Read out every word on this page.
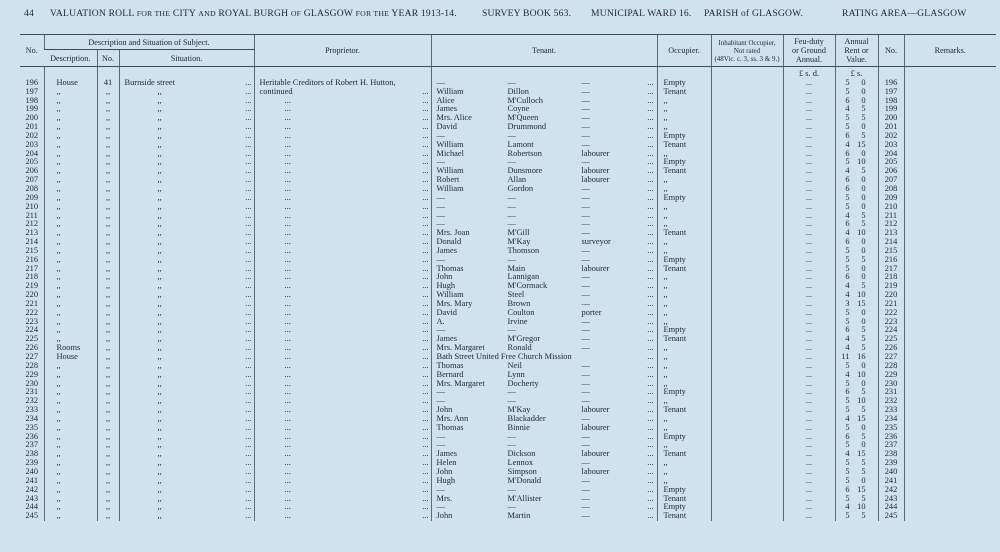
44 VALUATION ROLL FOR THE CITY AND ROYAL BURGH OF GLASGOW FOR THE YEAR 1913-14.	SURVEY BOOK 563. MUNICIPAL WARD 16. PARISH of GLASGOW.	RATING AREA—GLASGOW
No.	Description and Situation of Subject.			Proprietor.	Tenant.	Occupier.	Inhabitant Occupier,
Not rated
(48Vic. c. 3, ss. 3 & 9.)	Feu-duty
or Ground
Annual.	Annual
Rent or
Value.	No.	Remarks.
	Description.	No.	Situation.								
								£ s. d.	£ s.		
196	House	41	Burnside street ...	Heritable Creditors of Robert H. Hutton,	— — — ...	Empty		...	5 0	196	
197	,,	,,	,, ...	continued ...	William Dillon — ...	Tenant		...	5 0	197	
198	,,	,,	,, ...	... ...	Alice M'Culloch — ...	,,		...	6 0	198	
199	,,	,,	,, ...	... ...	James Coyne — ...	,,		...	4 5	199	
200	,,	,,	,, ...	... ...	Mrs. Alice M'Queen — ...	,,		...	5 5	200	
201	,,	,,	,, ...	... ...	David Drummond — ...	,,		...	5 0	201	
202	,,	,,	,, ...	... ...	— — — ...	Empty		...	6 5	202	
203	,,	,,	,, ...	... ...	William Lamont — ...	Tenant		...	4 15	203	
204	,,	,,	,, ...	... ...	Michael Robertson labourer ...	,,		...	6 0	204	
205	,,	,,	,, ...	... ...	— — — ...	Empty		...	5 10	205	
206	,,	,,	,, ...	... ...	William Dunsmore labourer ...	Tenant		...	4 5	206	
207	,,	,,	,, ...	... ...	Robert Allan labourer ...	,,		...	6 0	207	
208	,,	,,	,, ...	... ...	William Gordon — ...	,,		...	6 0	208	
209	,,	,,	,, ...	... ...	— — — ...	Empty		...	5 0	209	
210	,,	,,	,, ...	... ...	— — — ...	,,		...	5 0	210	
211	,,	,,	,, ...	... ...	— — — ...	,,		...	4 5	211	
212	,,	,,	,, ...	... ...	— — — ...	,,		...	6 5	212	
213	,,	,,	,, ...	... ...	Mrs. Joan M'Gill — ...	Tenant		...	4 10	213	
214	,,	,,	,, ...	... ...	Donald M'Kay surveyor ...	,,		...	6 0	214	
215	,,	,,	,, ...	... ...	James Thomson — ...	,,		...	5 0	215	
216	,,	,,	,, ...	... ...	— — — ...	Empty		...	5 5	216	
217	,,	,,	,, ...	... ...	Thomas Main labourer ...	Tenant		...	5 0	217	
218	,,	,,	,, ...	... ...	John Lannigan — ...	,,		...	6 0	218	
219	,,	,,	,, ...	... ...	Hugh M'Cormack — ...	,,		...	4 5	219	
220	,,	,,	,, ...	... ...	William Steel — ...	,,		...	4 10	220	
221	,,	,,	,, ...	... ...	Mrs. Mary Brown — ...	,,		...	3 15	221	
222	,,	,,	,, ...	... ...	David Coulton porter ...	,,		...	5 0	222	
223	,,	,,	,, ...	... ...	A. Irvine — ...	,,		...	5 0	223	
224	,,	,,	,, ...	... ...	— — — ...	Empty		...	6 5	224	
225	,,	,,	,, ...	... ...	James M'Gregor — ...	Tenant		...	4 5	225	
226	Rooms	,,	,, ...	... ...	Mrs. Margaret Ronald — ...	,,		...	4 5	226	
227	House	,,	,, ...	... ...	Bath Street United Free Church Mission ...	,,		...	11 16	227	
228	,,	,,	,, ...	... ...	Thomas Neil — ...	,,		...	5 0	228	
229	,,	,,	,, ...	... ...	Bernard Lynn — ...	,,		...	4 10	229	
230	,,	,,	,, ...	... ...	Mrs. Margaret Docherty — ...	,,		...	5 0	230	
231	,,	,,	,, ...	... ...	— — — ...	Empty		...	6 5	231	
232	,,	,,	,, ...	... ...	— — — ...	,,		...	5 10	232	
233	,,	,,	,, ...	... ...	John M'Kay labourer ...	Tenant		...	5 5	233	
234	,,	,,	,, ...	... ...	Mrs. Ann Blackadder — ...	,,		...	4 15	234	
235	,,	,,	,, ...	... ...	Thomas Binnie labourer ...	,,		...	5 0	235	
236	,,	,,	,, ...	... ...	— — — ...	Empty		...	6 5	236	
237	,,	,,	,, ...	... ...	— — — ...	,,		...	5 0	237	
238	,,	,,	,, ...	... ...	James Dickson labourer ...	Tenant		...	4 15	238	
239	,,	,,	,, ...	... ...	Helen Lennox — ...	,,		...	5 5	239	
240	,,	,,	,, ...	... ...	John Simpson labourer ...	,,		...	5 5	240	
241	,,	,,	,, ...	... ...	Hugh M'Donald — ...	,,		...	5 0	241	
242	,,	,,	,, ...	... ...	— — — ...	Empty		...	6 15	242	
243	,,	,,	,, ...	... ...	Mrs. M'Allister — ...	Tenant		...	5 5	243	
244	,,	,,	,, ...	... ...	— — — ...	Empty		...	4 10	244	
245	,,	,,	,, ...	... ...	John Martin — ...	Tenant		...	5 5	245	
